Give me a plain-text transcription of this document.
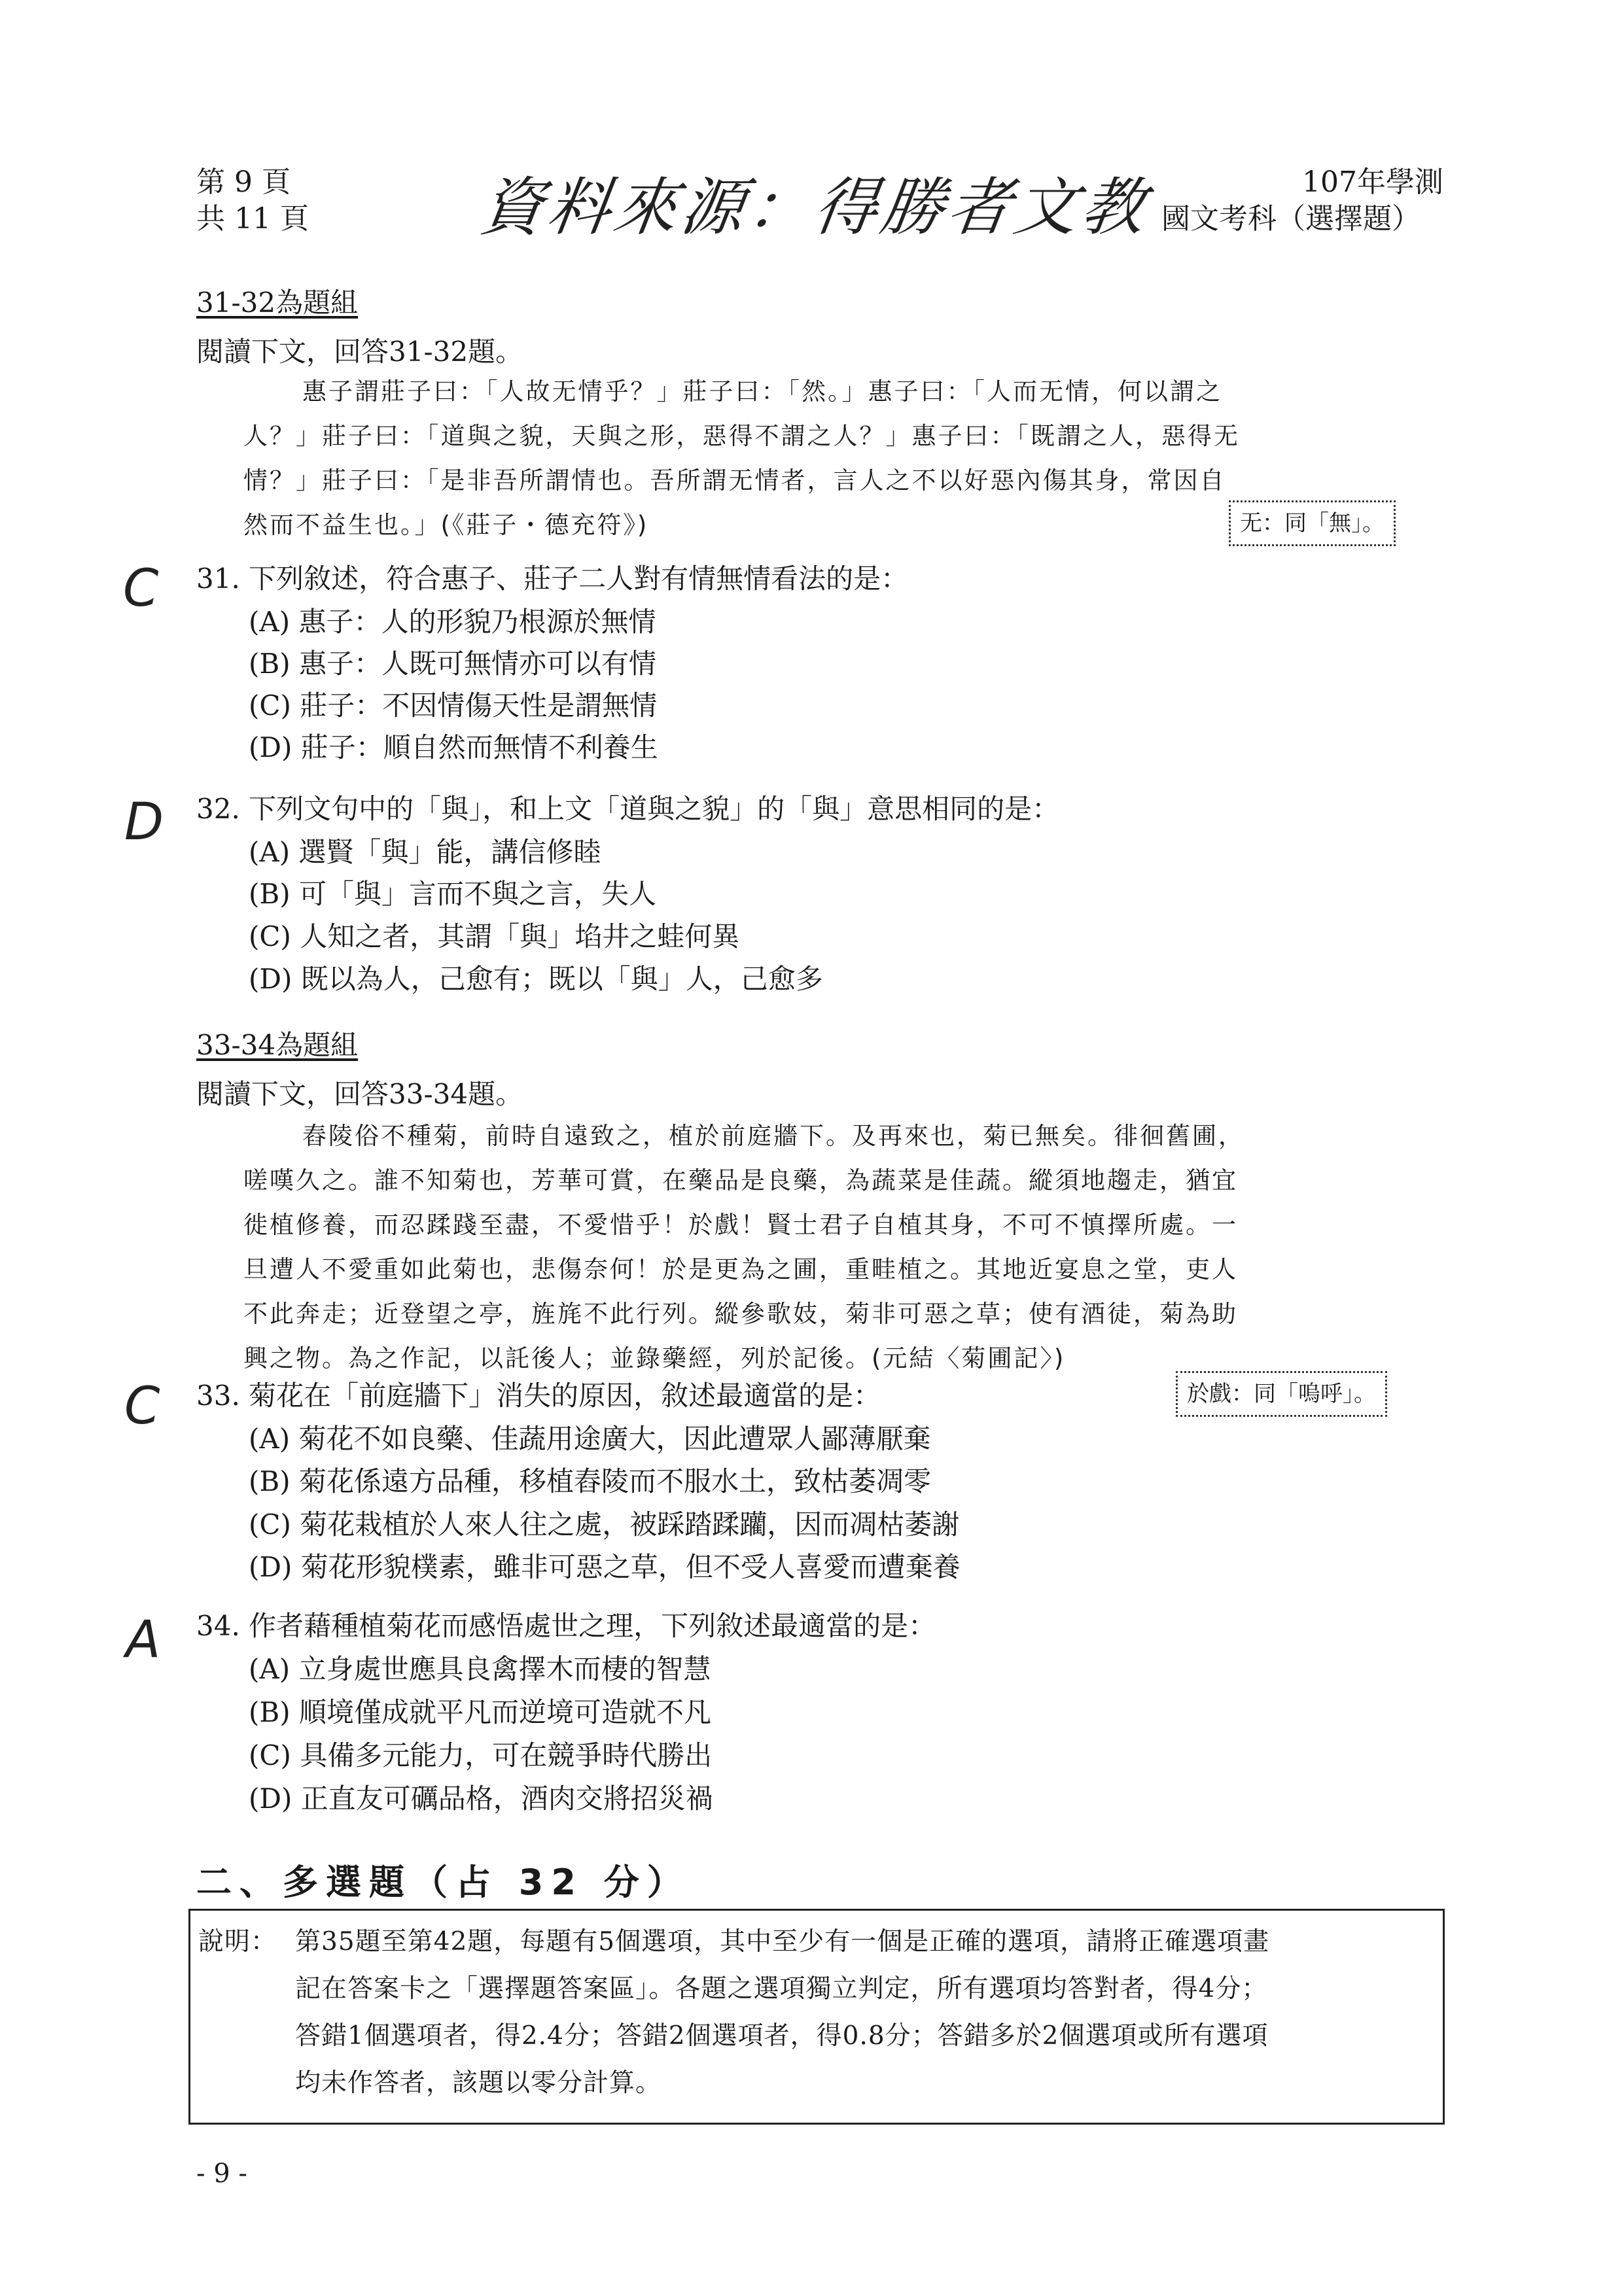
第 9 頁
共 11 頁	資料來源：得勝者文教	107年學測
國文考科（選擇題）
31-32為題組
閱讀下文，回答31-32題。
惠子謂莊子曰：「人故无情乎？」莊子曰：「然。」惠子曰：「人而无情，何以謂之
人？」莊子曰：「道與之貌，天與之形，惡得不謂之人？」惠子曰：「既謂之人，惡得无
情？」莊子曰：「是非吾所謂情也。吾所謂无情者，言人之不以好惡內傷其身，常因自
然而不益生也。」(《莊子・德充符》)	无：同「無」。
C 31. 下列敘述，符合惠子、莊子二人對有情無情看法的是：
(A) 惠子：人的形貌乃根源於無情
(B) 惠子：人既可無情亦可以有情
(C) 莊子：不因情傷天性是謂無情
(D) 莊子：順自然而無情不利養生
D 32. 下列文句中的「與」，和上文「道與之貌」的「與」意思相同的是：
(A) 選賢「與」能，講信修睦
(B) 可「與」言而不與之言，失人
(C) 人知之者，其謂「與」埳井之蛙何異
(D) 既以為人，己愈有；既以「與」人，己愈多
33-34為題組
閱讀下文，回答33-34題。
舂陵俗不種菊，前時自遠致之，植於前庭牆下。及再來也，菊已無矣。徘徊舊圃，
嗟嘆久之。誰不知菊也，芳華可賞，在藥品是良藥，為蔬菜是佳蔬。縱須地趨走，猶宜
徙植修養，而忍蹂踐至盡，不愛惜乎！於戲！賢士君子自植其身，不可不慎擇所處。一
旦遭人不愛重如此菊也，悲傷奈何！於是更為之圃，重畦植之。其地近宴息之堂，吏人
不此奔走；近登望之亭，旌旄不此行列。縱參歌妓，菊非可惡之草；使有酒徒，菊為助
興之物。為之作記，以託後人；並錄藥經，列於記後。(元結〈菊圃記〉)
於戲：同「嗚呼」。
C 33. 菊花在「前庭牆下」消失的原因，敘述最適當的是：
(A) 菊花不如良藥、佳蔬用途廣大，因此遭眾人鄙薄厭棄
(B) 菊花係遠方品種，移植舂陵而不服水土，致枯萎凋零
(C) 菊花栽植於人來人往之處，被踩踏蹂躪，因而凋枯萎謝
(D) 菊花形貌樸素，雖非可惡之草，但不受人喜愛而遭棄養
A 34. 作者藉種植菊花而感悟處世之理，下列敘述最適當的是：
(A) 立身處世應具良禽擇木而棲的智慧
(B) 順境僅成就平凡而逆境可造就不凡
(C) 具備多元能力，可在競爭時代勝出
(D) 正直友可礪品格，酒肉交將招災禍
二、多選題（占 32 分）
說明： 第35題至第42題，每題有5個選項，其中至少有一個是正確的選項，請將正確選項畫
記在答案卡之「選擇題答案區」。各題之選項獨立判定，所有選項均答對者，得4分；
答錯1個選項者，得2.4分；答錯2個選項者，得0.8分；答錯多於2個選項或所有選項
均未作答者，該題以零分計算。
- 9 -
